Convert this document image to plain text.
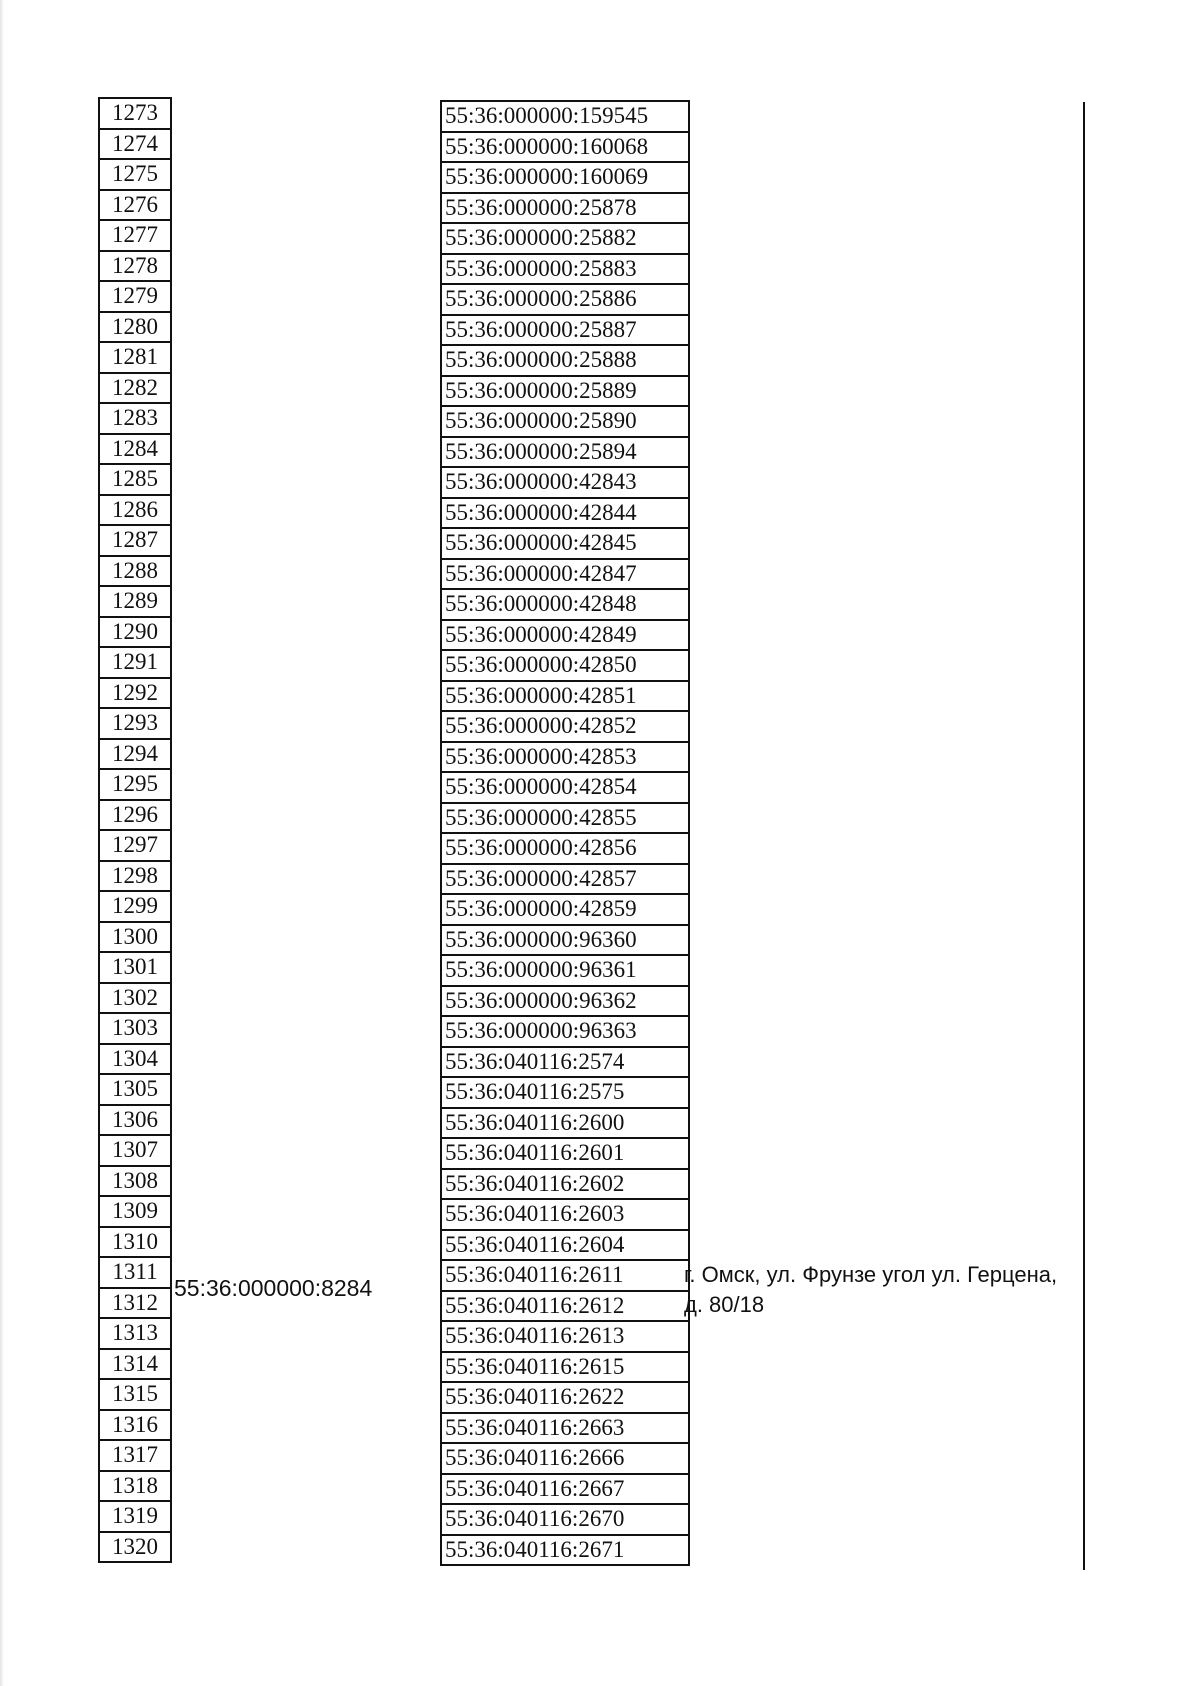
1273
1274
1275
1276
1277
1278
1279
1280
1281
1282
1283
1284
1285
1286
1287
1288
1289
1290
1291
1292
1293
1294
1295
1296
1297
1298
1299
1300
1301
1302
1303
1304
1305
1306
1307
1308
1309
1310
1311
1312
1313
1314
1315
1316
1317
1318
1319
1320
55:36:000000:8284
55:36:000000:159545
55:36:000000:160068
55:36:000000:160069
55:36:000000:25878
55:36:000000:25882
55:36:000000:25883
55:36:000000:25886
55:36:000000:25887
55:36:000000:25888
55:36:000000:25889
55:36:000000:25890
55:36:000000:25894
55:36:000000:42843
55:36:000000:42844
55:36:000000:42845
55:36:000000:42847
55:36:000000:42848
55:36:000000:42849
55:36:000000:42850
55:36:000000:42851
55:36:000000:42852
55:36:000000:42853
55:36:000000:42854
55:36:000000:42855
55:36:000000:42856
55:36:000000:42857
55:36:000000:42859
55:36:000000:96360
55:36:000000:96361
55:36:000000:96362
55:36:000000:96363
55:36:040116:2574
55:36:040116:2575
55:36:040116:2600
55:36:040116:2601
55:36:040116:2602
55:36:040116:2603
55:36:040116:2604
55:36:040116:2611
55:36:040116:2612
55:36:040116:2613
55:36:040116:2615
55:36:040116:2622
55:36:040116:2663
55:36:040116:2666
55:36:040116:2667
55:36:040116:2670
55:36:040116:2671
г. Омск, ул. Фрунзе угол ул. Герцена,
д. 80/18
